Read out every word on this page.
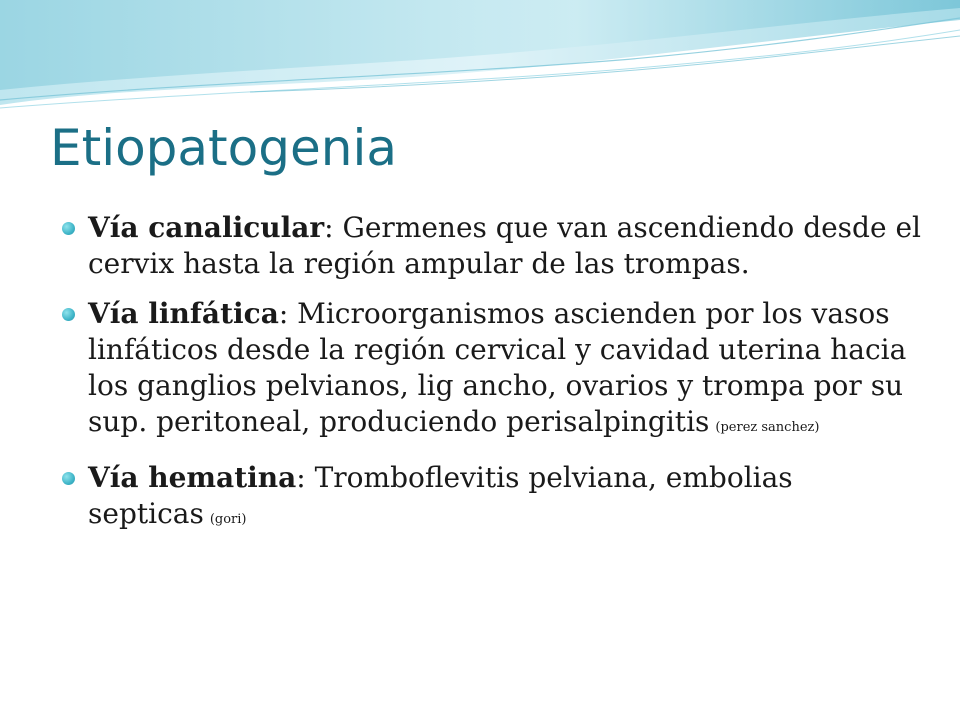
Etiopatogenia
Vía canalicular: Germenes que van ascendiendo desde el cervix hasta la región ampular de las trompas.
Vía linfática: Microorganismos ascienden por los vasos linfáticos desde la región cervical y cavidad uterina hacia los ganglios pelvianos, lig ancho, ovarios y trompa por su sup. peritoneal, produciendo perisalpingitis (perez sanchez)
Vía hematina: Tromboflevitis pelviana, embolias septicas (gori)
